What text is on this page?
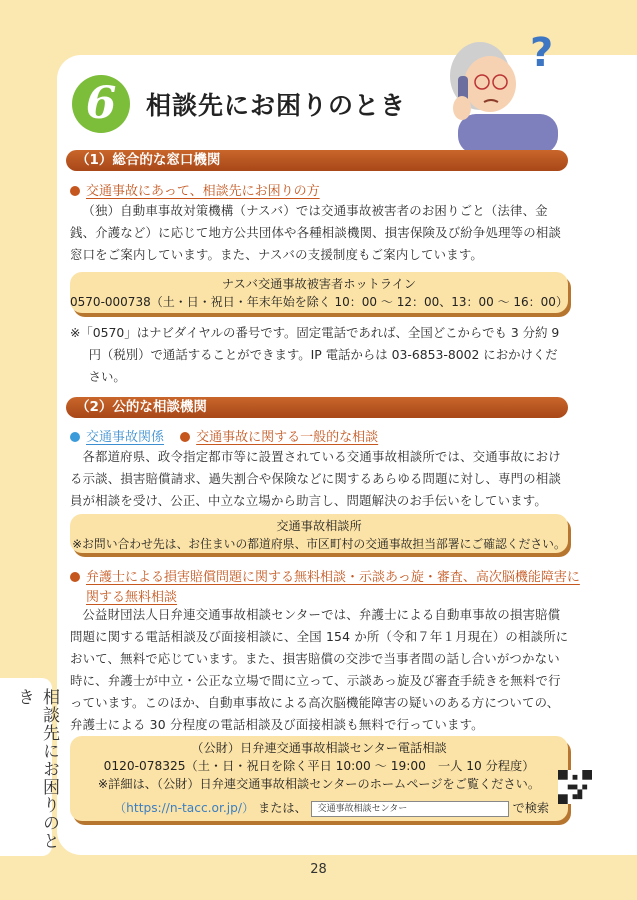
相談先にお困りのとき
6	相談先にお困りのとき
?
（1）総合的な窓口機関
交通事故にあって、相談先にお困りの方
（独）自動車事故対策機構（ナスバ）では交通事故被害者のお困りごと（法律、金銭、介護など）に応じて地方公共団体や各種相談機関、損害保険及び紛争処理等の相談窓口をご案内しています。また、ナスバの支援制度もご案内しています。
ナスバ交通事故被害者ホットライン
0570-000738（土・日・祝日・年末年始を除く 10：00 ～ 12：00、13：00 ～ 16：00）
※「0570」はナビダイヤルの番号です。固定電話であれば、全国どこからでも 3 分約 9 円（税別）で通話することができます。IP 電話からは 03-6853-8002 におかけください。
（2）公的な相談機関
交通事故関係 交通事故に関する一般的な相談
各都道府県、政令指定都市等に設置されている交通事故相談所では、交通事故における示談、損害賠償請求、過失割合や保険などに関するあらゆる問題に対し、専門の相談員が相談を受け、公正、中立な立場から助言し、問題解決のお手伝いをしています。
交通事故相談所
※お問い合わせ先は、お住まいの都道府県、市区町村の交通事故担当部署にご確認ください。
弁護士による損害賠償問題に関する無料相談・示談あっ旋・審査、高次脳機能障害に関する無料相談
公益財団法人日弁連交通事故相談センターでは、弁護士による自動車事故の損害賠償問題に関する電話相談及び面接相談に、全国 154 か所（令和７年１月現在）の相談所において、無料で応じています。また、損害賠償の交渉で当事者間の話し合いがつかない時に、弁護士が中立・公正な立場で間に立って、示談あっ旋及び審査手続きを無料で行っています。このほか、自動車事故による高次脳機能障害の疑いのある方についての、弁護士による 30 分程度の電話相談及び面接相談も無料で行っています。
（公財）日弁連交通事故相談センター電話相談
0120-078325（土・日・祝日を除く平日 10:00 ～ 19:00　一人 10 分程度）
※詳細は、（公財）日弁連交通事故相談センターのホームページをご覧ください。
（https://n-tacc.or.jp/） または、 交通事故相談センター	で検索
28
